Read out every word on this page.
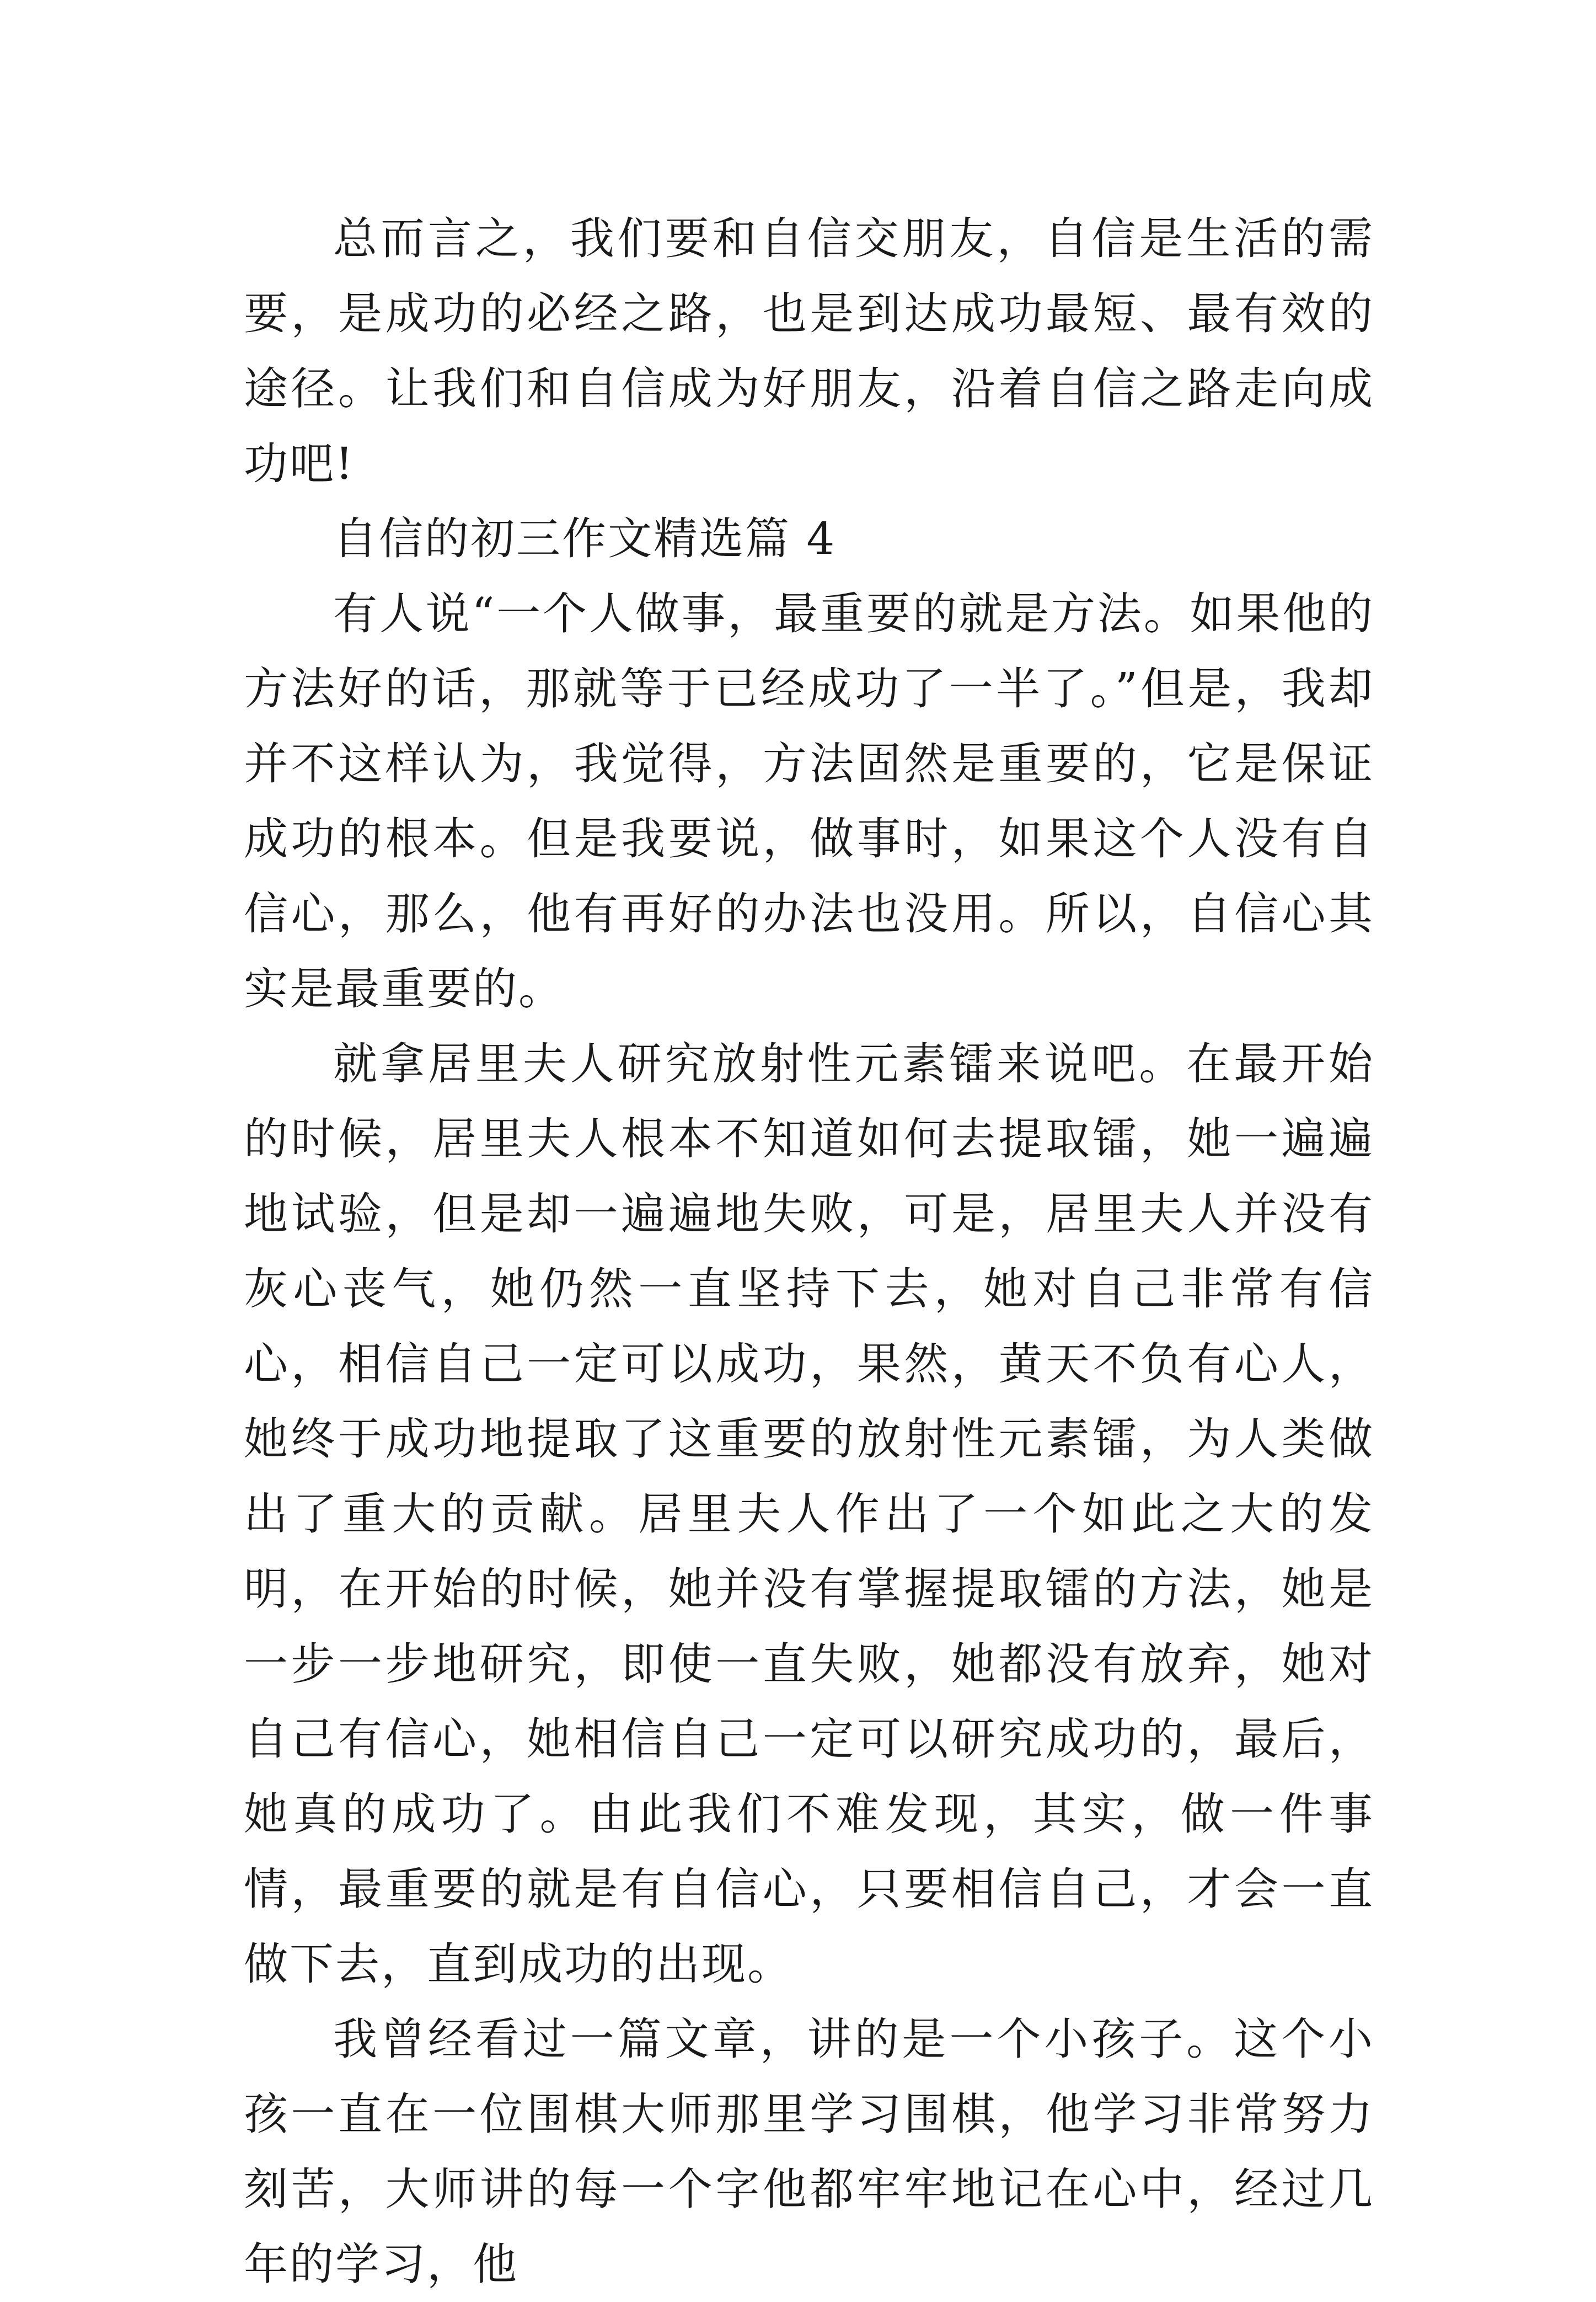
总而言之，我们要和自信交朋友，自信是生活的需要，是成功的必经之路，也是到达成功最短、最有效的途径。让我们和自信成为好朋友，沿着自信之路走向成功吧!

自信的初三作文精选篇 4

有人说“一个人做事，最重要的就是方法。如果他的方法好的话，那就等于已经成功了一半了。”但是，我却并不这样认为，我觉得，方法固然是重要的，它是保证成功的根本。但是我要说，做事时，如果这个人没有自信心，那么，他有再好的办法也没用。所以，自信心其实是最重要的。

就拿居里夫人研究放射性元素镭来说吧。在最开始的时候，居里夫人根本不知道如何去提取镭，她一遍遍地试验，但是却一遍遍地失败，可是，居里夫人并没有灰心丧气，她仍然一直坚持下去，她对自己非常有信心，相信自己一定可以成功，果然，黄天不负有心人，她终于成功地提取了这重要的放射性元素镭，为人类做出了重大的贡献。居里夫人作出了一个如此之大的发明，在开始的时候，她并没有掌握提取镭的方法，她是一步一步地研究，即使一直失败，她都没有放弃，她对自己有信心，她相信自己一定可以研究成功的，最后，她真的成功了。由此我们不难发现，其实，做一件事情，最重要的就是有自信心，只要相信自己，才会一直做下去，直到成功的出现。

我曾经看过一篇文章，讲的是一个小孩子。这个小孩一直在一位围棋大师那里学习围棋，他学习非常努力刻苦，大师讲的每一个字他都牢牢地记在心中，经过几年的学习，他
